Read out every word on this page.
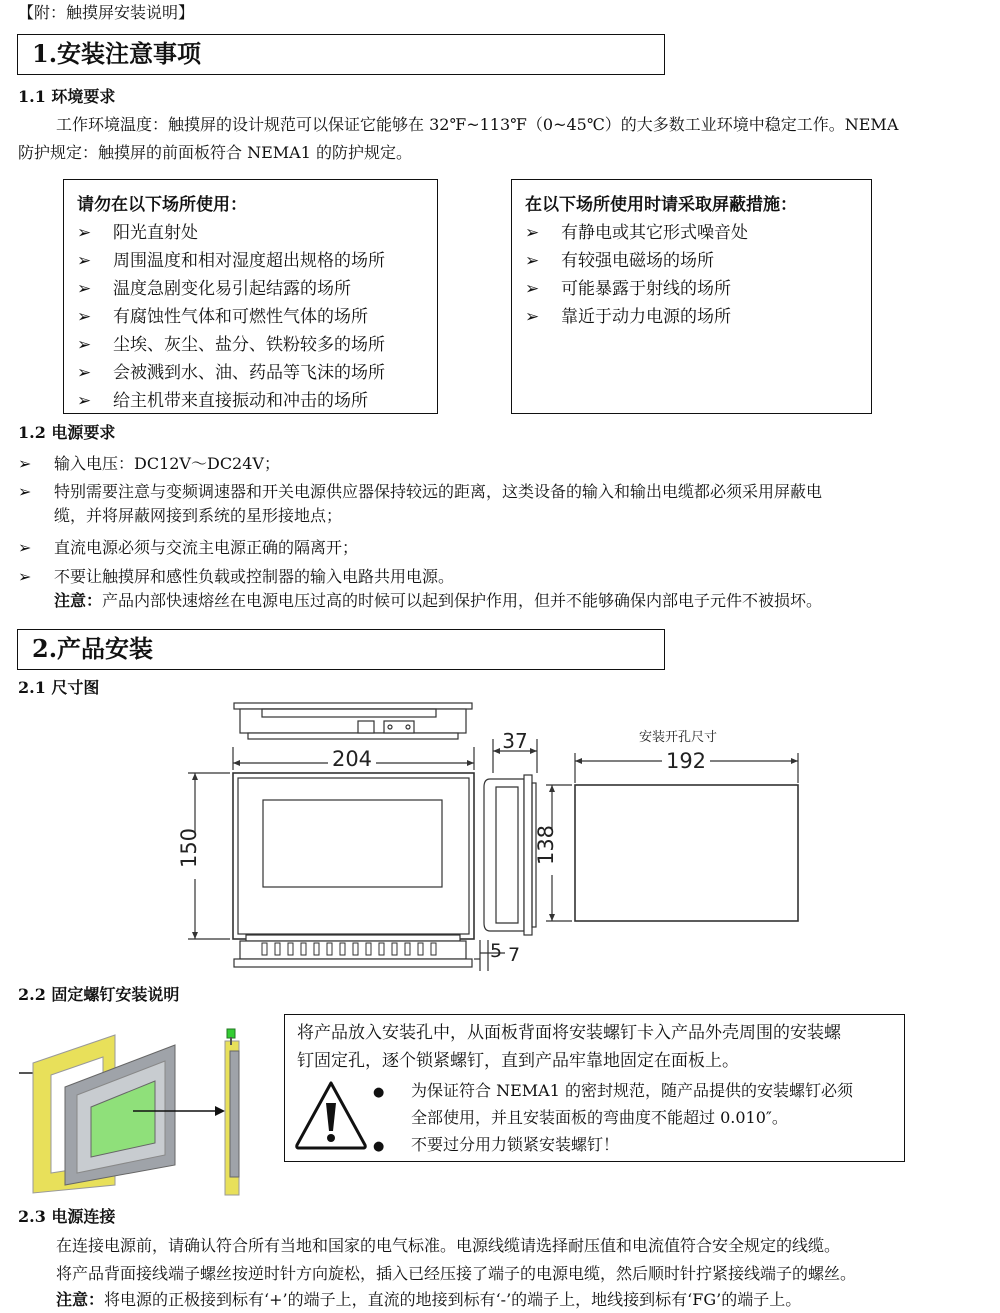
【附：触摸屏安装说明】
1.安装注意事项
1.1 环境要求
工作环境温度：触摸屏的设计规范可以保证它能够在 32℉~113℉（0~45℃）的大多数工业环境中稳定工作。NEMA
防护规定：触摸屏的前面板符合 NEMA1 的防护规定。
请勿在以下场所使用：
➢ 阳光直射处
➢ 周围温度和相对湿度超出规格的场所
➢ 温度急剧变化易引起结露的场所
➢ 有腐蚀性气体和可燃性气体的场所
➢ 尘埃、灰尘、盐分、铁粉较多的场所
➢ 会被溅到水、油、药品等飞沫的场所
➢ 给主机带来直接振动和冲击的场所
在以下场所使用时请采取屏蔽措施：
➢ 有静电或其它形式噪音处
➢ 有较强电磁场的场所
➢ 可能暴露于射线的场所
➢ 靠近于动力电源的场所
1.2 电源要求
➢ 输入电压：DC12V～DC24V；
➢ 特别需要注意与变频调速器和开关电源供应器保持较远的距离，这类设备的输入和输出电缆都必须采用屏蔽电
缆，并将屏蔽网接到系统的星形接地点；
➢ 直流电源必须与交流主电源正确的隔离开；
➢ 不要让触摸屏和感性负载或控制器的输入电路共用电源。
注意：产品内部快速熔丝在电源电压过高的时候可以起到保护作用，但并不能够确保内部电子元件不被损坏。
2.产品安装
2.1 尺寸图
204
150
37	安装开孔尺寸
192
138
5 7
2.2 固定螺钉安装说明
将产品放入安装孔中，从面板背面将安装螺钉卡入产品外壳周围的安装螺
钉固定孔，逐个锁紧螺钉，直到产品牢靠地固定在面板上。
● 为保证符合 NEMA1 的密封规范，随产品提供的安装螺钉必须
全部使用，并且安装面板的弯曲度不能超过 0.010″。
● 不要过分用力锁紧安装螺钉！
2.3 电源连接
在连接电源前，请确认符合所有当地和国家的电气标准。电源线缆请选择耐压值和电流值符合安全规定的线缆。
将产品背面接线端子螺丝按逆时针方向旋松，插入已经压接了端子的电源电缆，然后顺时针拧紧接线端子的螺丝。
注意：将电源的正极接到标有‘+’的端子上，直流的地接到标有‘-’的端子上，地线接到标有‘FG’的端子上。
